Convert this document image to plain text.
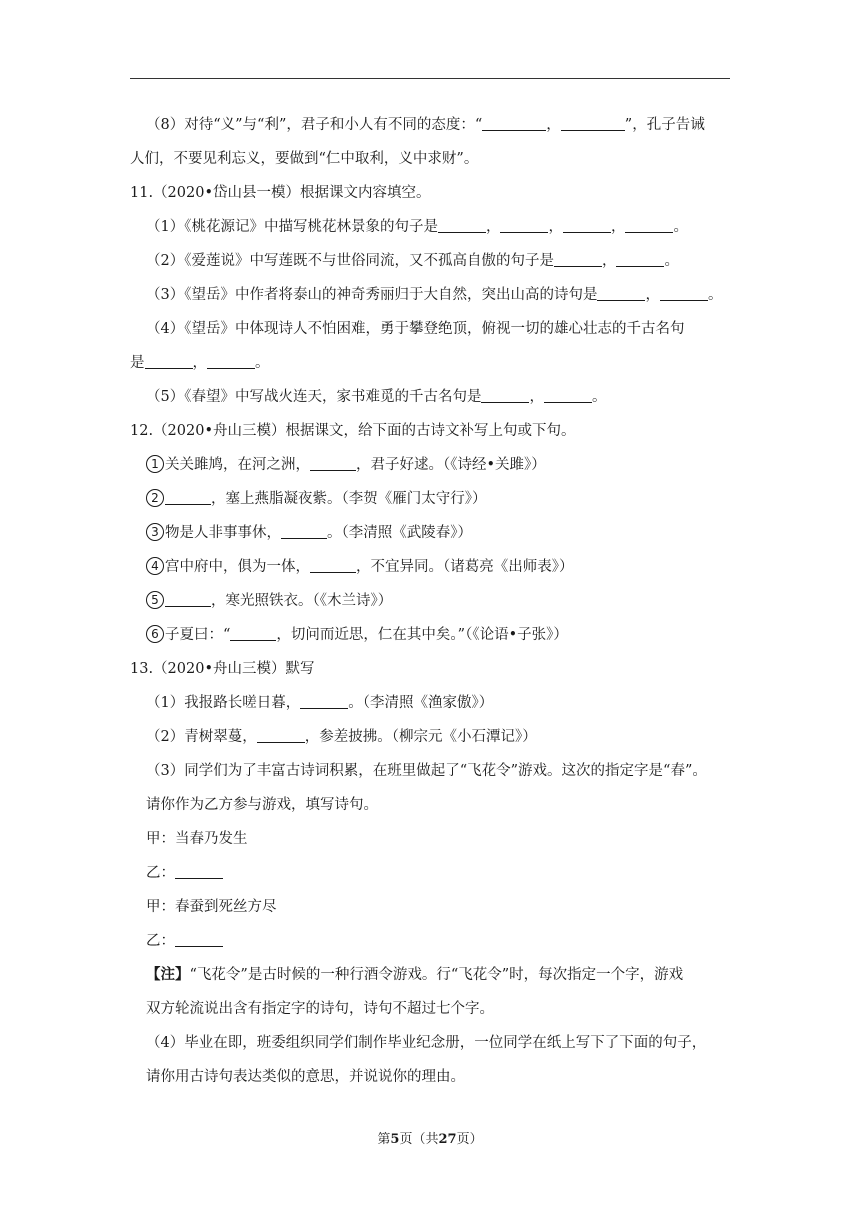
（8）对待“义”与“利”，君子和小人有不同的态度：“	，	”，孔子告诫
人们，不要见利忘义，要做到“仁中取利，义中求财”。
11.（2020•岱山县一模）根据课文内容填空。
（1）《桃花源记》中描写桃花林景象的句子是	，	，	，	。
（2）《爱莲说》中写莲既不与世俗同流，又不孤高自傲的句子是	，	。
（3）《望岳》中作者将泰山的神奇秀丽归于大自然，突出山高的诗句是	，	。
（4）《望岳》中体现诗人不怕困难，勇于攀登绝顶，俯视一切的雄心壮志的千古名句
是	，	。
（5）《春望》中写战火连天，家书难觅的千古名句是	，	。
12.（2020•舟山三模）根据课文，给下面的古诗文补写上句或下句。
1 关关雎鸠，在河之洲，	，君子好逑。（《诗经•关雎》）
2	，塞上燕脂凝夜紫。（李贺《雁门太守行》）
3 物是人非事事休，	。（李清照《武陵春》）
4 宫中府中，俱为一体，	，不宜异同。（诸葛亮《出师表》）
5	，寒光照铁衣。（《木兰诗》）
6 子夏曰：“	，切问而近思，仁在其中矣。”（《论语•子张》）
13.（2020•舟山三模）默写
（1）我报路长嗟日暮，	。（李清照《渔家傲》）
（2）青树翠蔓，	，参差披拂。（柳宗元《小石潭记》）
（3）同学们为了丰富古诗词积累，在班里做起了“飞花令”游戏。这次的指定字是“春”。
请你作为乙方参与游戏，填写诗句。
甲：当春乃发生
乙：
甲：春蚕到死丝方尽
乙：
【注】“飞花令”是古时候的一种行酒令游戏。行“飞花令”时，每次指定一个字，游戏
双方轮流说出含有指定字的诗句，诗句不超过七个字。
（4）毕业在即，班委组织同学们制作毕业纪念册，一位同学在纸上写下了下面的句子，
请你用古诗句表达类似的意思，并说说你的理由。
第5页（共27页）
